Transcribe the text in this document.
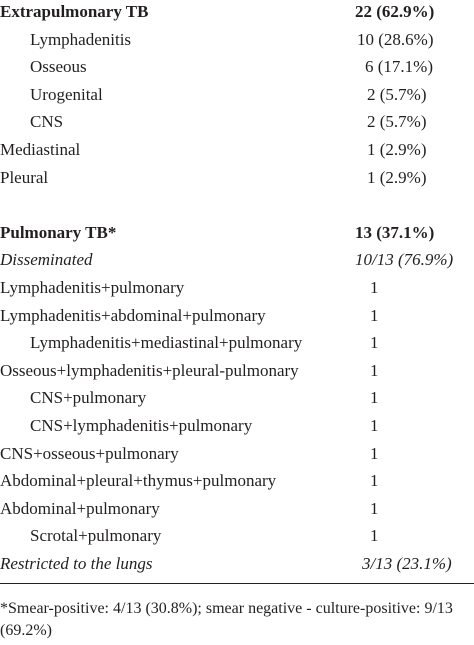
Extrapulmonary TB	22 (62.9%)
Lymphadenitis	10 (28.6%)
Osseous	6 (17.1%)
Urogenital	2 (5.7%)
CNS	2 (5.7%)
Mediastinal	1 (2.9%)
Pleural	1 (2.9%)
Pulmonary TB*	13 (37.1%)
Disseminated	10/13 (76.9%)
Lymphadenitis+pulmonary	1
Lymphadenitis+abdominal+pulmonary	1
Lymphadenitis+mediastinal+pulmonary	1
Osseous+lymphadenitis+pleural-pulmonary	1
CNS+pulmonary	1
CNS+lymphadenitis+pulmonary	1
CNS+osseous+pulmonary	1
Abdominal+pleural+thymus+pulmonary	1
Abdominal+pulmonary	1
Scrotal+pulmonary	1
Restricted to the lungs	3/13 (23.1%)
*Smear-positive: 4/13 (30.8%); smear negative - culture-positive: 9/13 (69.2%)
